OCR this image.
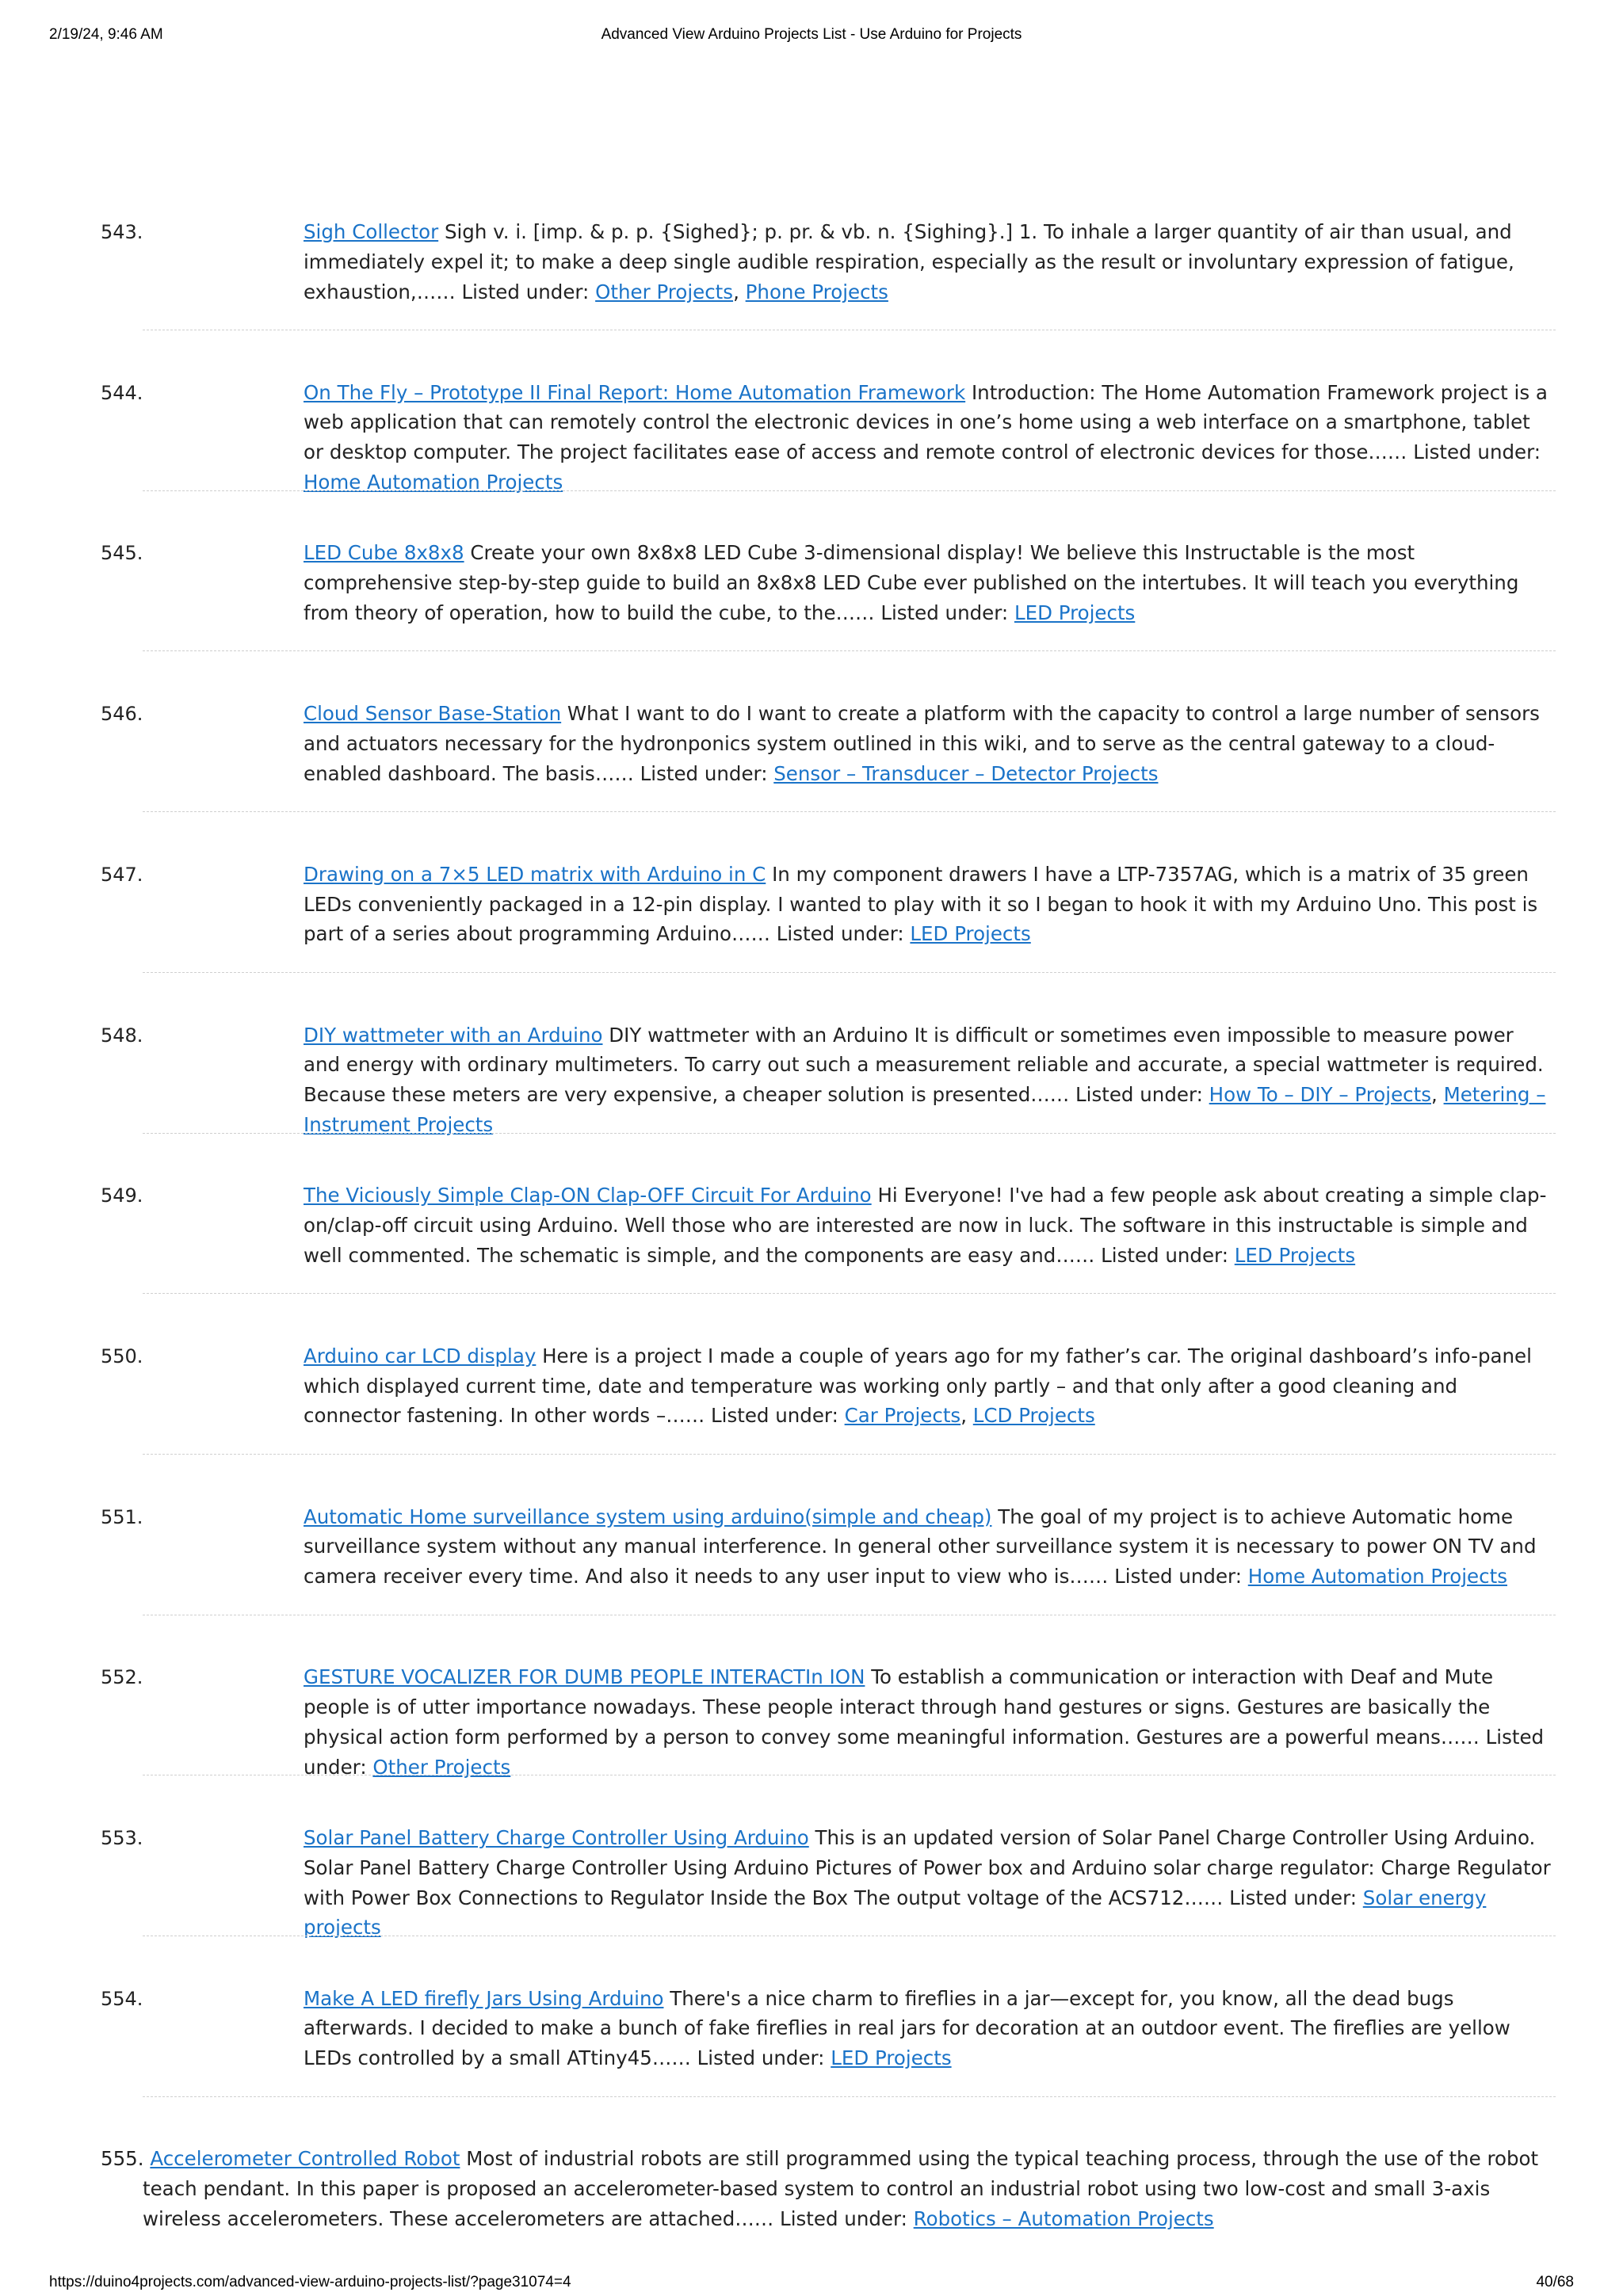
2/19/24, 9:46 AM	Advanced View Arduino Projects List - Use Arduino for Projects
543.	Sigh Collector Sigh v. i. [imp. & p. p. {Sighed}; p. pr. & vb. n. {Sighing}.] 1. To inhale a larger quantity of air than usual, and immediately expel it; to make a deep single audible respiration, especially as the result or involuntary expression of fatigue, exhaustion,…… Listed under: Other Projects, Phone Projects
544.	On The Fly – Prototype II Final Report: Home Automation Framework Introduction: The Home Automation Framework project is a web application that can remotely control the electronic devices in one’s home using a web interface on a smartphone, tablet or desktop computer. The project facilitates ease of access and remote control of electronic devices for those…… Listed under: Home Automation Projects
545.	LED Cube 8x8x8 Create your own 8x8x8 LED Cube 3-dimensional display! We believe this Instructable is the most comprehensive step-by-step guide to build an 8x8x8 LED Cube ever published on the intertubes. It will teach you everything from theory of operation, how to build the cube, to the…… Listed under: LED Projects
546.	Cloud Sensor Base-Station What I want to do I want to create a platform with the capacity to control a large number of sensors and actuators necessary for the hydronponics system outlined in this wiki, and to serve as the central gateway to a cloud-enabled dashboard. The basis…… Listed under: Sensor – Transducer – Detector Projects
547.	Drawing on a 7×5 LED matrix with Arduino in C In my component drawers I have a LTP-7357AG, which is a matrix of 35 green LEDs conveniently packaged in a 12-pin display. I wanted to play with it so I began to hook it with my Arduino Uno. This post is part of a series about programming Arduino…… Listed under: LED Projects
548.	DIY wattmeter with an Arduino DIY wattmeter with an Arduino It is difficult or sometimes even impossible to measure power and energy with ordinary multimeters. To carry out such a measurement reliable and accurate, a special wattmeter is required. Because these meters are very expensive, a cheaper solution is presented…… Listed under: How To – DIY – Projects, Metering – Instrument Projects
549.	The Viciously Simple Clap-ON Clap-OFF Circuit For Arduino Hi Everyone! I've had a few people ask about creating a simple clap-on/clap-off circuit using Arduino. Well those who are interested are now in luck. The software in this instructable is simple and well commented. The schematic is simple, and the components are easy and…… Listed under: LED Projects
550.	Arduino car LCD display Here is a project I made a couple of years ago for my father’s car. The original dashboard’s info-panel which displayed current time, date and temperature was working only partly – and that only after a good cleaning and connector fastening. In other words –…… Listed under: Car Projects, LCD Projects
551.	Automatic Home surveillance system using arduino(simple and cheap) The goal of my project is to achieve Automatic home surveillance system without any manual interference. In general other surveillance system it is necessary to power ON TV and camera receiver every time. And also it needs to any user input to view who is…… Listed under: Home Automation Projects
552.	GESTURE VOCALIZER FOR DUMB PEOPLE INTERACTIn ION To establish a communication or interaction with Deaf and Mute people is of utter importance nowadays. These people interact through hand gestures or signs. Gestures are basically the physical action form performed by a person to convey some meaningful information. Gestures are a powerful means…… Listed under: Other Projects
553.	Solar Panel Battery Charge Controller Using Arduino This is an updated version of Solar Panel Charge Controller Using Arduino. Solar Panel Battery Charge Controller Using Arduino Pictures of Power box and Arduino solar charge regulator: Charge Regulator with Power Box Connections to Regulator Inside the Box The output voltage of the ACS712…… Listed under: Solar energy projects
554.	Make A LED firefly Jars Using Arduino There's a nice charm to fireflies in a jar—except for, you know, all the dead bugs afterwards. I decided to make a bunch of fake fireflies in real jars for decoration at an outdoor event. The fireflies are yellow LEDs controlled by a small ATtiny45…… Listed under: LED Projects
555. Accelerometer Controlled Robot Most of industrial robots are still programmed using the typical teaching process, through the use of the robot teach pendant. In this paper is proposed an accelerometer-based system to control an industrial robot using two low-cost and small 3-axis wireless accelerometers. These accelerometers are attached…… Listed under: Robotics – Automation Projects
https://duino4projects.com/advanced-view-arduino-projects-list/?page31074=4	40/68
